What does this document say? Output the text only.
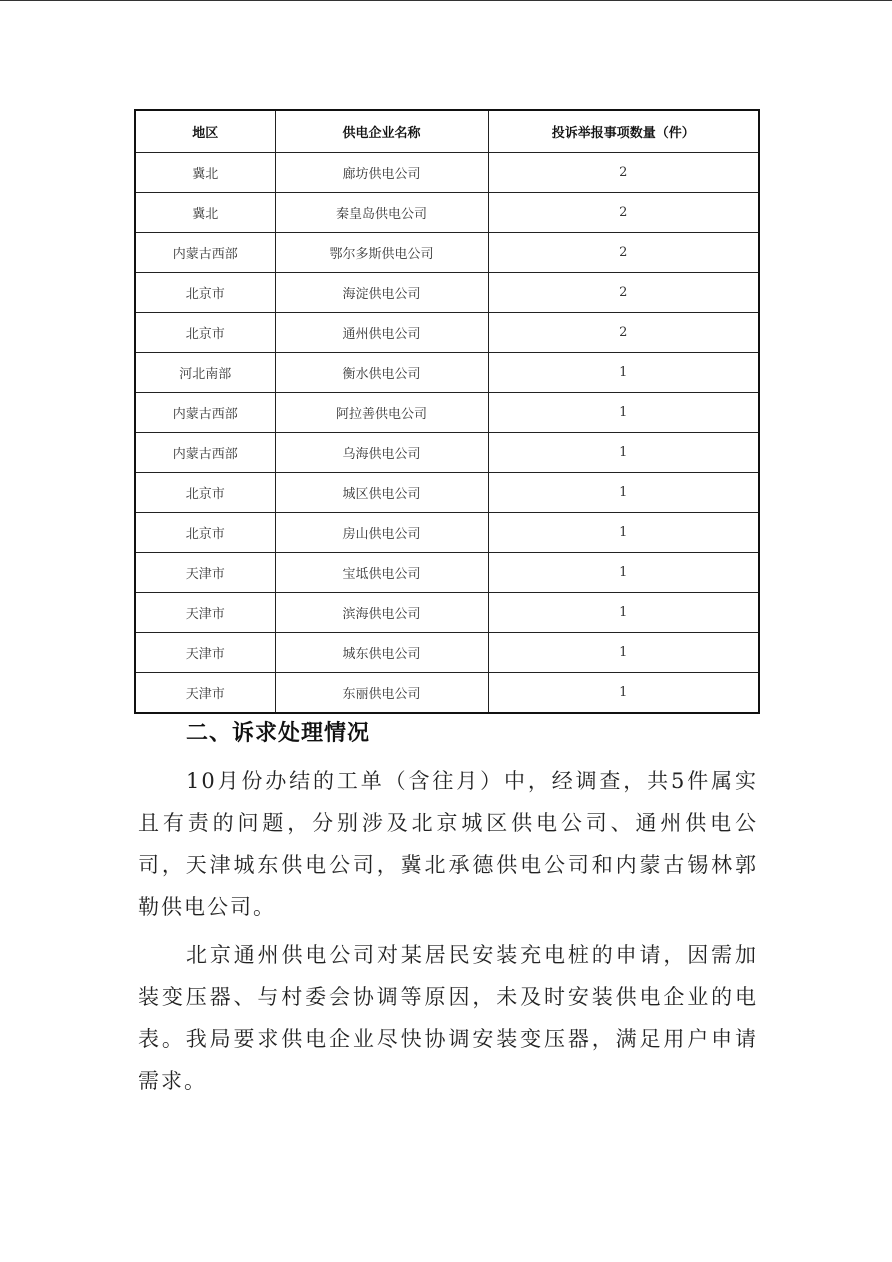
地区	供电企业名称	投诉举报事项数量（件）
冀北	廊坊供电公司	2
冀北	秦皇岛供电公司	2
内蒙古西部	鄂尔多斯供电公司	2
北京市	海淀供电公司	2
北京市	通州供电公司	2
河北南部	衡水供电公司	1
内蒙古西部	阿拉善供电公司	1
内蒙古西部	乌海供电公司	1
北京市	城区供电公司	1
北京市	房山供电公司	1
天津市	宝坻供电公司	1
天津市	滨海供电公司	1
天津市	城东供电公司	1
天津市	东丽供电公司	1
二、诉求处理情况

10月份办结的工单（含往月）中，经调查，共5件属实且有责的问题，分别涉及北京城区供电公司、通州供电公司，天津城东供电公司，冀北承德供电公司和内蒙古锡林郭勒供电公司。

北京通州供电公司对某居民安装充电桩的申请，因需加装变压器、与村委会协调等原因，未及时安装供电企业的电表。我局要求供电企业尽快协调安装变压器，满足用户申请需求。
